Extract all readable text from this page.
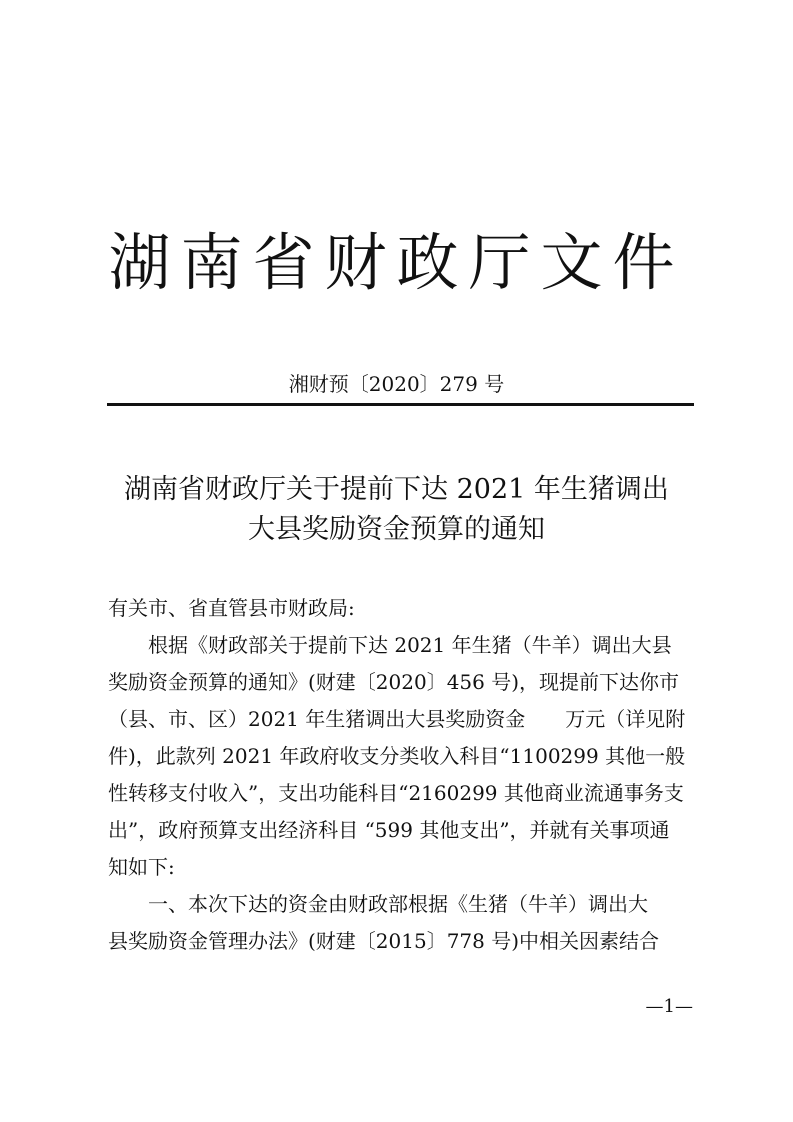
湖南省财政厅文件
湘财预〔2020〕279 号
湖南省财政厅关于提前下达 2021 年生猪调出
大县奖励资金预算的通知

有关市、省直管县市财政局:

根据《财政部关于提前下达 2021 年生猪（牛羊）调出大县

奖励资金预算的通知》(财建〔2020〕456 号)，现提前下达你市

（县、市、区）2021 年生猪调出大县奖励资金　　万元（详见附

件)，此款列 2021 年政府收支分类收入科目“1100299 其他一般

性转移支付收入”，支出功能科目“2160299 其他商业流通事务支

出”，政府预算支出经济科目 “599 其他支出”，并就有关事项通

知如下:

一、本次下达的资金由财政部根据《生猪（牛羊）调出大

县奖励资金管理办法》(财建〔2015〕778 号)中相关因素结合

—1—
